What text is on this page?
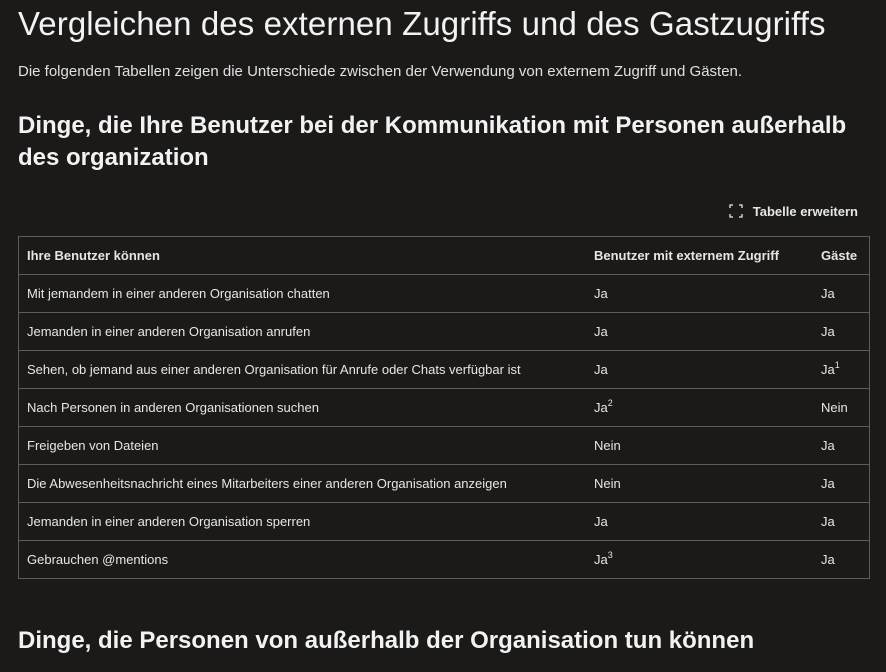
Vergleichen des externen Zugriffs und des Gastzugriffs

Die folgenden Tabellen zeigen die Unterschiede zwischen der Verwendung von externem Zugriff und Gästen.

Dinge, die Ihre Benutzer bei der Kommunikation mit Personen außerhalb des organization
Tabelle erweitern
Ihre Benutzer können	Benutzer mit externem Zugriff	Gäste
Mit jemandem in einer anderen Organisation chatten	Ja	Ja
Jemanden in einer anderen Organisation anrufen	Ja	Ja
Sehen, ob jemand aus einer anderen Organisation für Anrufe oder Chats verfügbar ist	Ja	Ja$^1$
Nach Personen in anderen Organisationen suchen	Ja$^2$	Nein
Freigeben von Dateien	Nein	Ja
Die Abwesenheitsnachricht eines Mitarbeiters einer anderen Organisation anzeigen	Nein	Ja
Jemanden in einer anderen Organisation sperren	Ja	Ja
Gebrauchen @mentions	Ja$^3$	Ja
Dinge, die Personen von außerhalb der Organisation tun können
